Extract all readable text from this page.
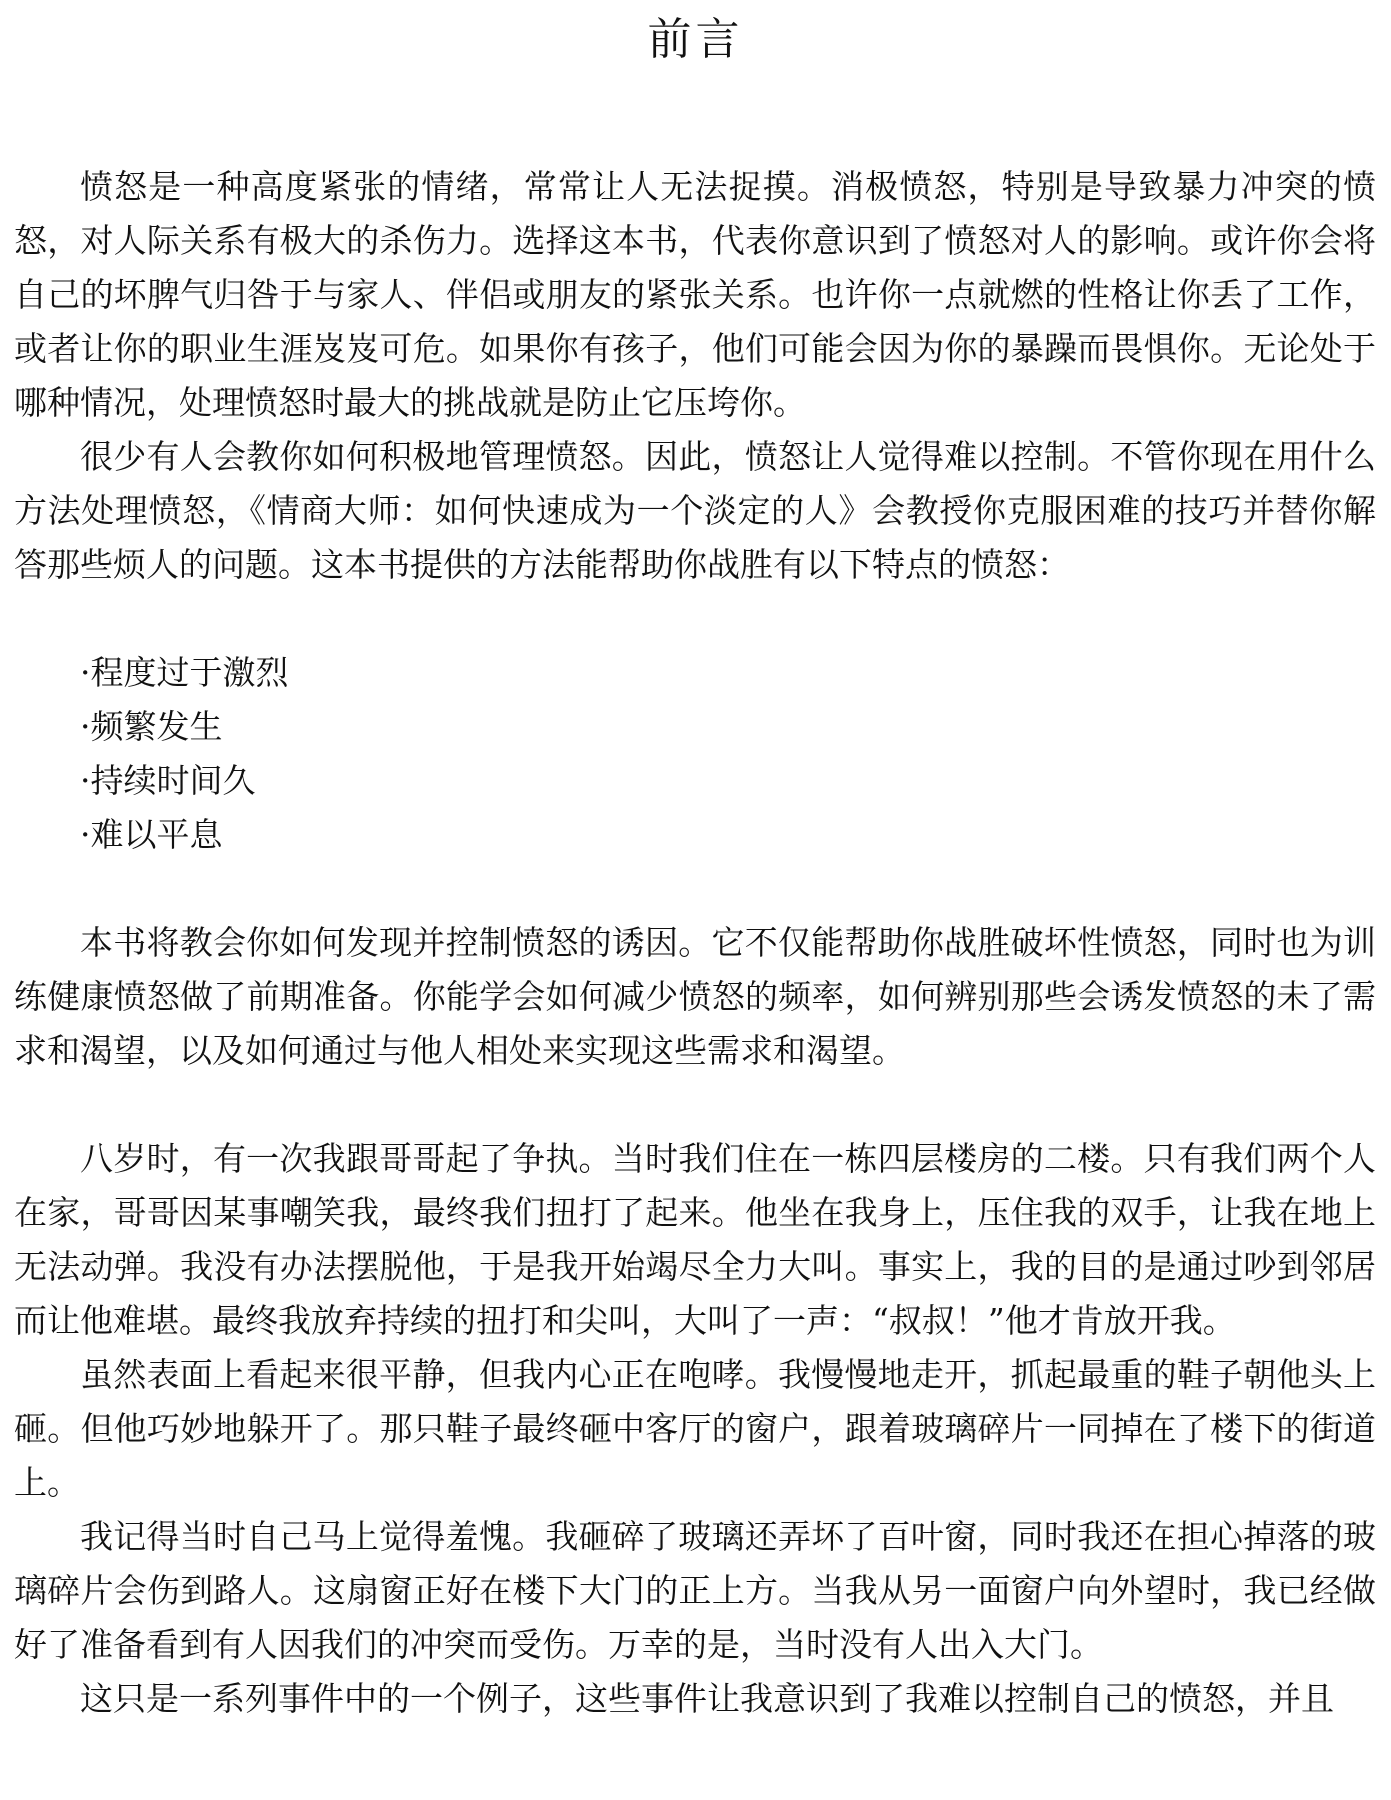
前言

愤怒是一种高度紧张的情绪，常常让人无法捉摸。消极愤怒，特别是导致暴力冲突的愤怒，对人际关系有极大的杀伤力。选择这本书，代表你意识到了愤怒对人的影响。或许你会将自己的坏脾气归咎于与家人、伴侣或朋友的紧张关系。也许你一点就燃的性格让你丢了工作，或者让你的职业生涯岌岌可危。如果你有孩子，他们可能会因为你的暴躁而畏惧你。无论处于哪种情况，处理愤怒时最大的挑战就是防止它压垮你。

很少有人会教你如何积极地管理愤怒。因此，愤怒让人觉得难以控制。不管你现在用什么方法处理愤怒，《情商大师：如何快速成为一个淡定的人》会教授你克服困难的技巧并替你解答那些烦人的问题。这本书提供的方法能帮助你战胜有以下特点的愤怒：

·程度过于激烈
·频繁发生
·持续时间久
·难以平息

本书将教会你如何发现并控制愤怒的诱因。它不仅能帮助你战胜破坏性愤怒，同时也为训练健康愤怒做了前期准备。你能学会如何减少愤怒的频率，如何辨别那些会诱发愤怒的未了需求和渴望，以及如何通过与他人相处来实现这些需求和渴望。

八岁时，有一次我跟哥哥起了争执。当时我们住在一栋四层楼房的二楼。只有我们两个人在家，哥哥因某事嘲笑我，最终我们扭打了起来。他坐在我身上，压住我的双手，让我在地上无法动弹。我没有办法摆脱他，于是我开始竭尽全力大叫。事实上，我的目的是通过吵到邻居而让他难堪。最终我放弃持续的扭打和尖叫，大叫了一声：“叔叔！”他才肯放开我。

虽然表面上看起来很平静，但我内心正在咆哮。我慢慢地走开，抓起最重的鞋子朝他头上砸。但他巧妙地躲开了。那只鞋子最终砸中客厅的窗户，跟着玻璃碎片一同掉在了楼下的街道上。

我记得当时自己马上觉得羞愧。我砸碎了玻璃还弄坏了百叶窗，同时我还在担心掉落的玻璃碎片会伤到路人。这扇窗正好在楼下大门的正上方。当我从另一面窗户向外望时，我已经做好了准备看到有人因我们的冲突而受伤。万幸的是，当时没有人出入大门。

这只是一系列事件中的一个例子，这些事件让我意识到了我难以控制自己的愤怒，并且
